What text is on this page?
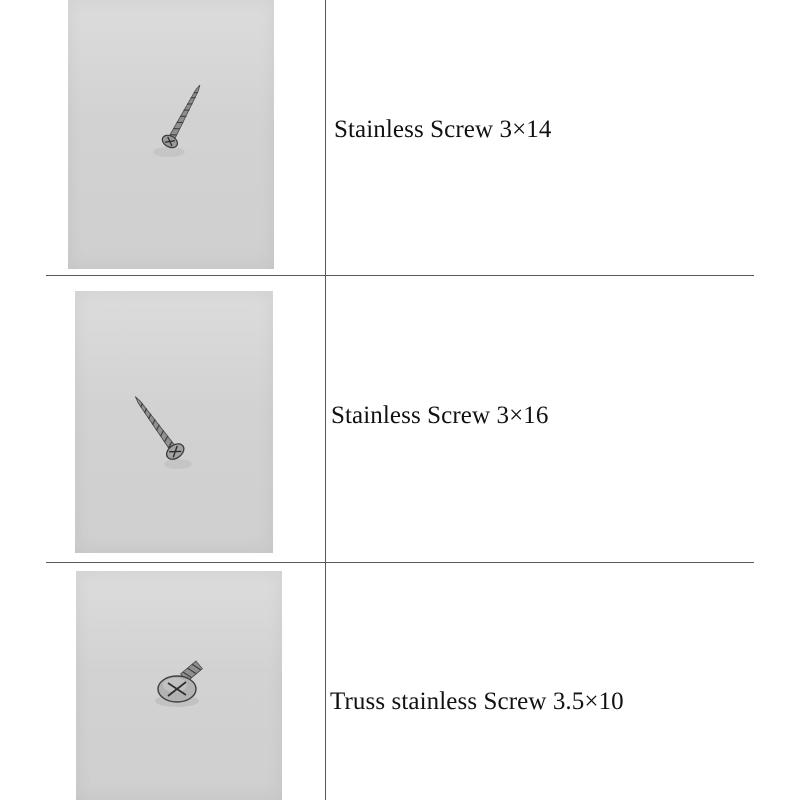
Stainless Screw 3×14
Stainless Screw 3×16
Truss stainless Screw 3.5×10
